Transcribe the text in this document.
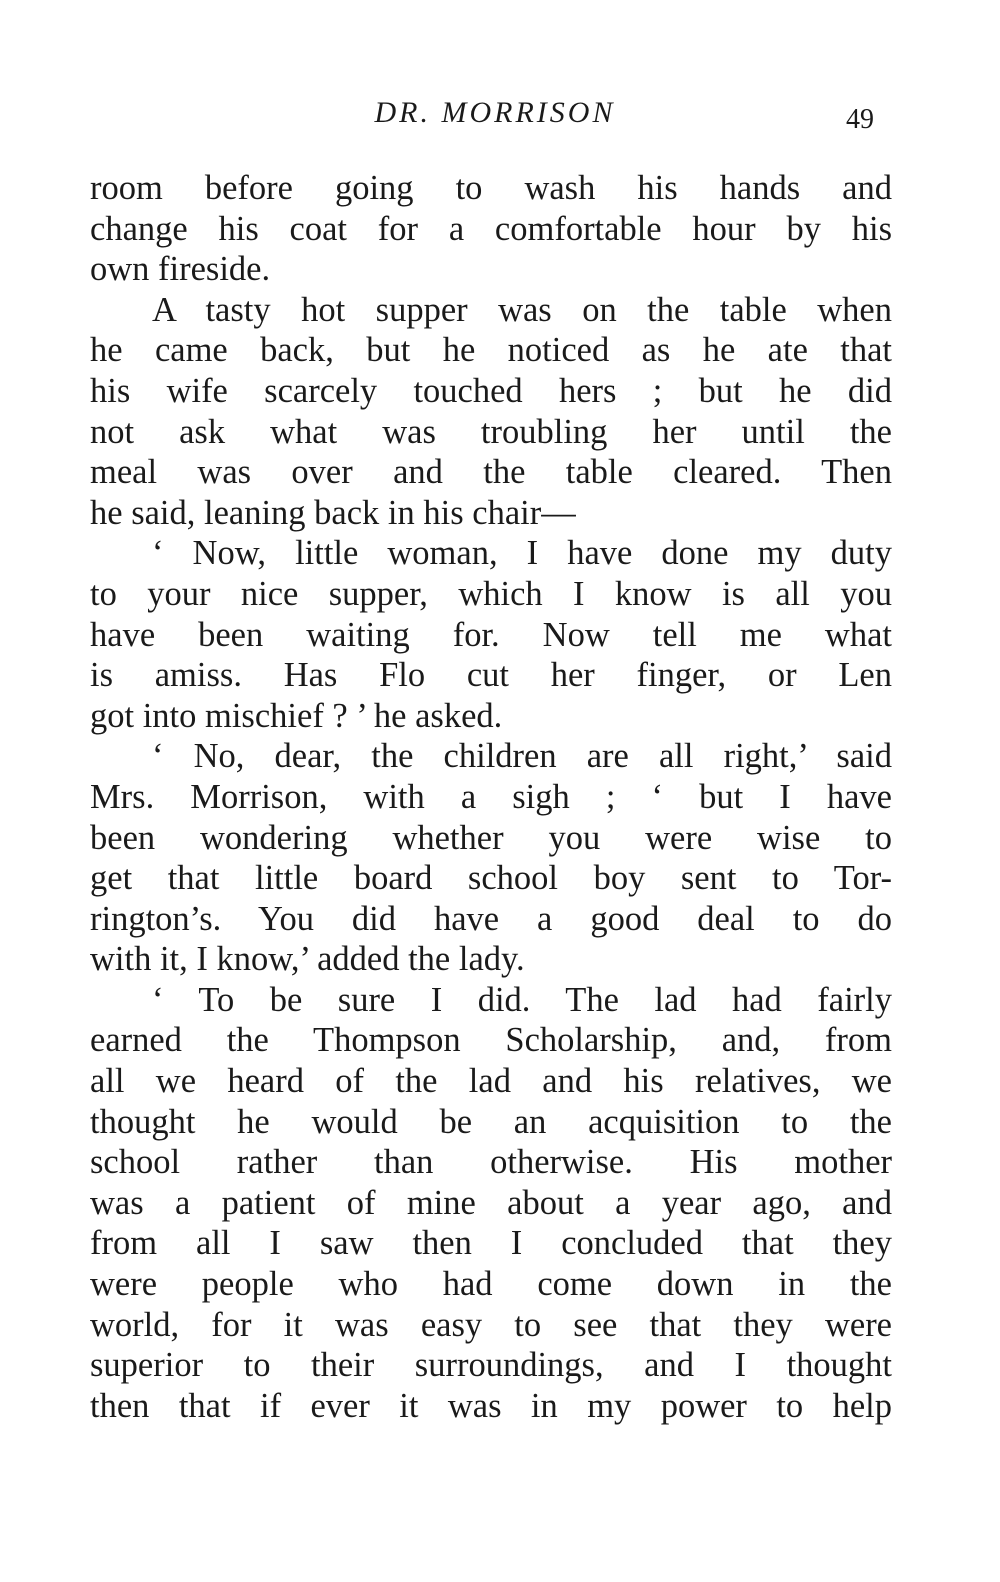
DR. MORRISON	49
room before going to wash his hands and
change his coat for a comfortable hour by his
own fireside.
A tasty hot supper was on the table when
he came back, but he noticed as he ate that
his wife scarcely touched hers ; but he did
not ask what was troubling her until the
meal was over and the table cleared. Then
he said, leaning back in his chair—
‘ Now, little woman, I have done my duty
to your nice supper, which I know is all you
have been waiting for. Now tell me what
is amiss. Has Flo cut her finger, or Len
got into mischief ? ’ he asked.
‘ No, dear, the children are all right,’ said
Mrs. Morrison, with a sigh ; ‘ but I have
been wondering whether you were wise to
get that little board school boy sent to Tor-
rington’s. You did have a good deal to do
with it, I know,’ added the lady.
‘ To be sure I did. The lad had fairly
earned the Thompson Scholarship, and, from
all we heard of the lad and his relatives, we
thought he would be an acquisition to the
school rather than otherwise. His mother
was a patient of mine about a year ago, and
from all I saw then I concluded that they
were people who had come down in the
world, for it was easy to see that they were
superior to their surroundings, and I thought
then that if ever it was in my power to help
